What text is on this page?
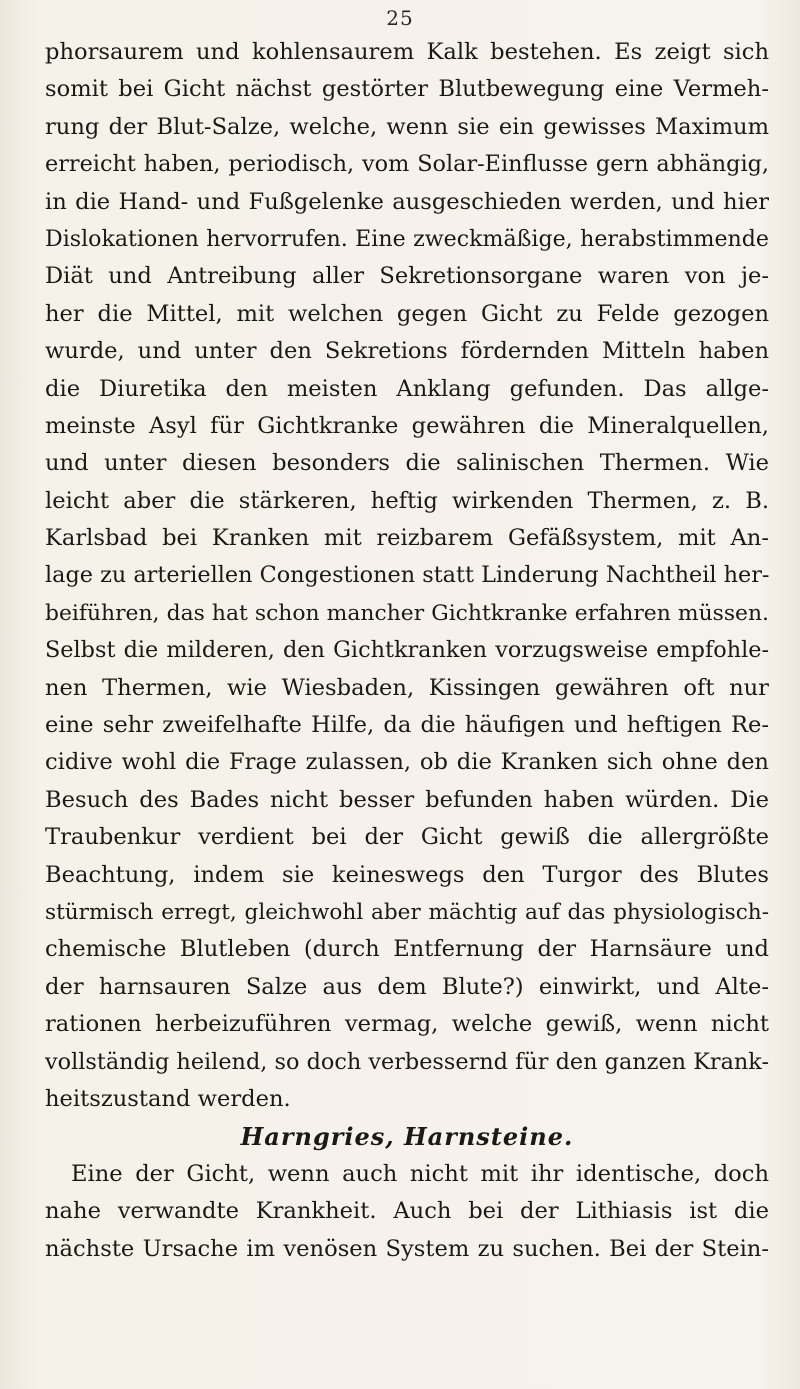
25
phorsaurem und kohlensaurem Kalk bestehen. Es zeigt sich
somit bei Gicht nächst gestörter Blutbewegung eine Vermeh-
rung der Blut-Salze, welche, wenn sie ein gewisses Maximum
erreicht haben, periodisch, vom Solar-Einflusse gern abhängig,
in die Hand- und Fußgelenke ausgeschieden werden, und hier
Dislokationen hervorrufen. Eine zweckmäßige, herabstimmende
Diät und Antreibung aller Sekretionsorgane waren von je-
her die Mittel, mit welchen gegen Gicht zu Felde gezogen
wurde, und unter den Sekretions fördernden Mitteln haben
die Diuretika den meisten Anklang gefunden. Das allge-
meinste Asyl für Gichtkranke gewähren die Mineralquellen,
und unter diesen besonders die salinischen Thermen. Wie
leicht aber die stärkeren, heftig wirkenden Thermen, z. B.
Karlsbad bei Kranken mit reizbarem Gefäßsystem, mit An-
lage zu arteriellen Congestionen statt Linderung Nachtheil her-
beiführen, das hat schon mancher Gichtkranke erfahren müssen.
Selbst die milderen, den Gichtkranken vorzugsweise empfohle-
nen Thermen, wie Wiesbaden, Kissingen gewähren oft nur
eine sehr zweifelhafte Hilfe, da die häufigen und heftigen Re-
cidive wohl die Frage zulassen, ob die Kranken sich ohne den
Besuch des Bades nicht besser befunden haben würden. Die
Traubenkur verdient bei der Gicht gewiß die allergrößte
Beachtung, indem sie keineswegs den Turgor des Blutes
stürmisch erregt, gleichwohl aber mächtig auf das physiologisch-
chemische Blutleben (durch Entfernung der Harnsäure und
der harnsauren Salze aus dem Blute?) einwirkt, und Alte-
rationen herbeizuführen vermag, welche gewiß, wenn nicht
vollständig heilend, so doch verbessernd für den ganzen Krank-
heitszustand werden.
Harngries, Harnsteine.
Eine der Gicht, wenn auch nicht mit ihr identische, doch
nahe verwandte Krankheit. Auch bei der Lithiasis ist die
nächste Ursache im venösen System zu suchen. Bei der Stein-
